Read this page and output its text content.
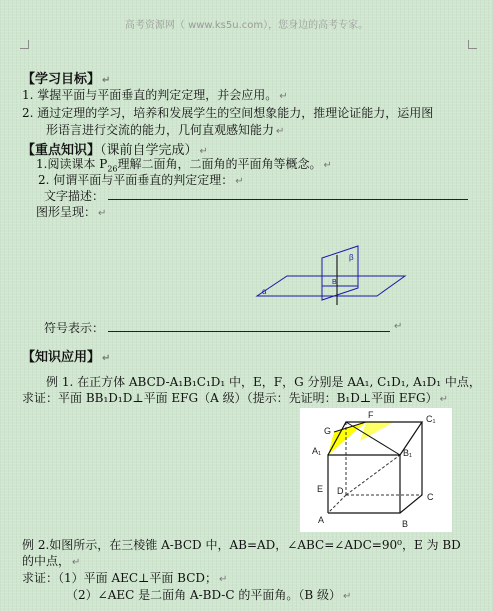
高考资源网（ www.ks5u.com），您身边的高考专家。
【学习目标】 ↵
1. 掌握平面与平面垂直的判定定理，并会应用。 ↵
2. 通过定理的学习，培养和发展学生的空间想象能力，推理论证能力，运用图
形语言进行交流的能力，几何直观感知能力 ↵
【重点知识】（课前自学完成） ↵
1.阅读课本 $P_{26}$理解二面角，二面角的平面角等概念。 ↵
2. 何谓平面与平面垂直的判定定理： ↵
文字描述：
图形呈现： ↵
β
B
α
符号表示：	↵
【知识应用】 ↵
例 1. 在正方体 ABCD-A₁B₁C₁D₁ 中，E，F，G 分别是 AA₁, C₁D₁, A₁D₁ 中点，
求证：平面 BB₁D₁D⊥平面 EFG（A 级）（提示：先证明：B₁D⊥平面 EFG） ↵
G
F	C₁
A₁	B₁
E D
C
A	B
例 2.如图所示，在三棱锥 A-BCD 中，AB=AD，∠ABC=∠ADC=90⁰，E 为 BD
的中点， ↵
求证：（1）平面 AEC⊥平面 BCD； ↵
（2）∠AEC 是二面角 A-BD-C 的平面角。（B 级） ↵
